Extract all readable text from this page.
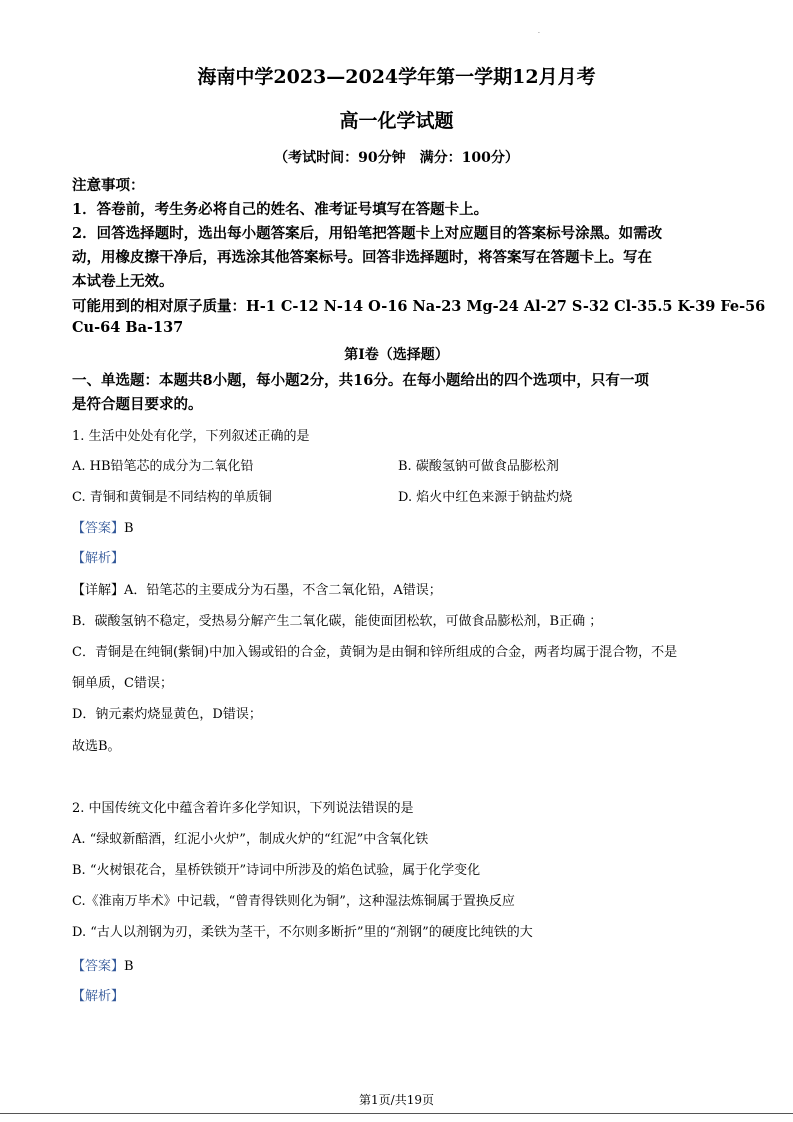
·
海南中学2023—2024学年第一学期12月月考
高一化学试题
（考试时间：90分钟　满分：100分）
注意事项：
1．答卷前，考生务必将自己的姓名、准考证号填写在答题卡上。
2．回答选择题时，选出每小题答案后，用铅笔把答题卡上对应题目的答案标号涂黑。如需改
动，用橡皮擦干净后，再选涂其他答案标号。回答非选择题时，将答案写在答题卡上。写在
本试卷上无效。
可能用到的相对原子质量：H-1 C-12 N-14 O-16 Na-23 Mg-24 Al-27 S-32 Cl-35.5 K-39 Fe-56
Cu-64 Ba-137
第Ⅰ卷（选择题）
一、单选题：本题共8小题，每小题2分，共16分。在每小题给出的四个选项中，只有一项
是符合题目要求的。
1. 生活中处处有化学，下列叙述正确的是
A. HB铅笔芯的成分为二氧化铅	B. 碳酸氢钠可做食品膨松剂
C. 青铜和黄铜是不同结构的单质铜	D. 焰火中红色来源于钠盐灼烧
【答案】B
【解析】
【详解】A．铅笔芯的主要成分为石墨，不含二氧化铅，A错误；
B．碳酸氢钠不稳定，受热易分解产生二氧化碳，能使面团松软，可做食品膨松剂，B正确 ；
C．青铜是在纯铜(紫铜)中加入锡或铅的合金，黄铜为是由铜和锌所组成的合金，两者均属于混合物，不是
铜单质，C错误；
D．钠元素灼烧显黄色，D错误；
故选B。
2. 中国传统文化中蕴含着许多化学知识，下列说法错误的是
A. “绿蚁新醅酒，红泥小火炉”，制成火炉的“红泥”中含氧化铁
B. “火树银花合，星桥铁锁开”诗词中所涉及的焰色试验，属于化学变化
C.《淮南万毕术》中记载，“曾青得铁则化为铜”，这种湿法炼铜属于置换反应
D. “古人以剂钢为刃，柔铁为茎干，不尔则多断折”里的“剂钢”的硬度比纯铁的大
【答案】B
【解析】
第1页/共19页
